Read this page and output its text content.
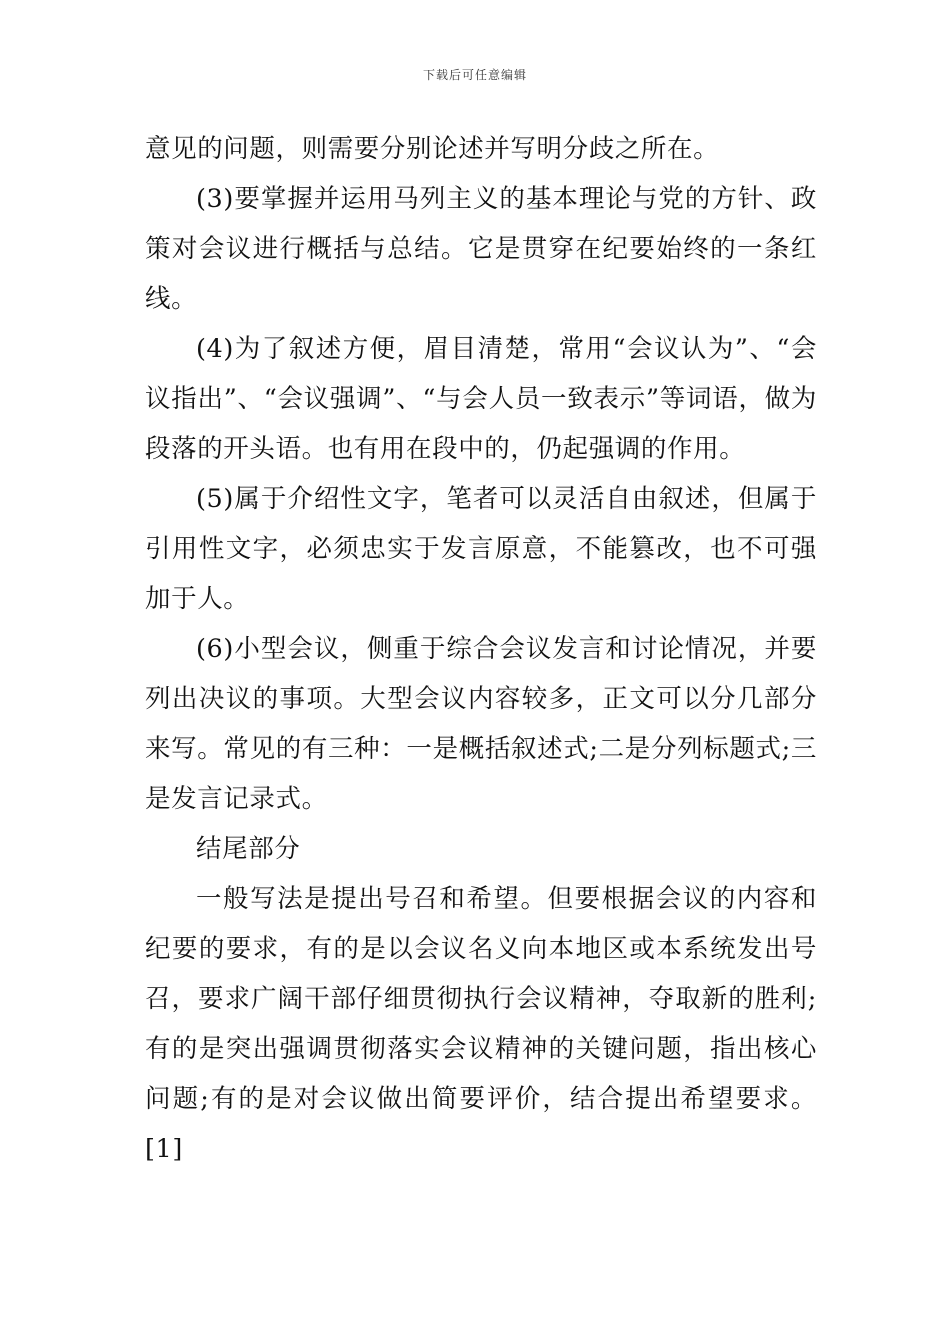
下载后可任意编辑

意见的问题，则需要分别论述并写明分歧之所在。

(3)要掌握并运用马列主义的基本理论与党的方针、政策对会议进行概括与总结。它是贯穿在纪要始终的一条红线。

(4)为了叙述方便，眉目清楚，常用“会议认为”、“会议指出”、“会议强调”、“与会人员一致表示”等词语，做为段落的开头语。也有用在段中的，仍起强调的作用。

(5)属于介绍性文字，笔者可以灵活自由叙述，但属于引用性文字，必须忠实于发言原意，不能篡改，也不可强加于人。

(6)小型会议，侧重于综合会议发言和讨论情况，并要列出决议的事项。大型会议内容较多，正文可以分几部分来写。常见的有三种：一是概括叙述式;二是分列标题式;三是发言记录式。

结尾部分

一般写法是提出号召和希望。但要根据会议的内容和纪要的要求，有的是以会议名义向本地区或本系统发出号召，要求广阔干部仔细贯彻执行会议精神，夺取新的胜利;有的是突出强调贯彻落实会议精神的关键问题，指出核心问题;有的是对会议做出简要评价，结合提出希望要求。[1]
